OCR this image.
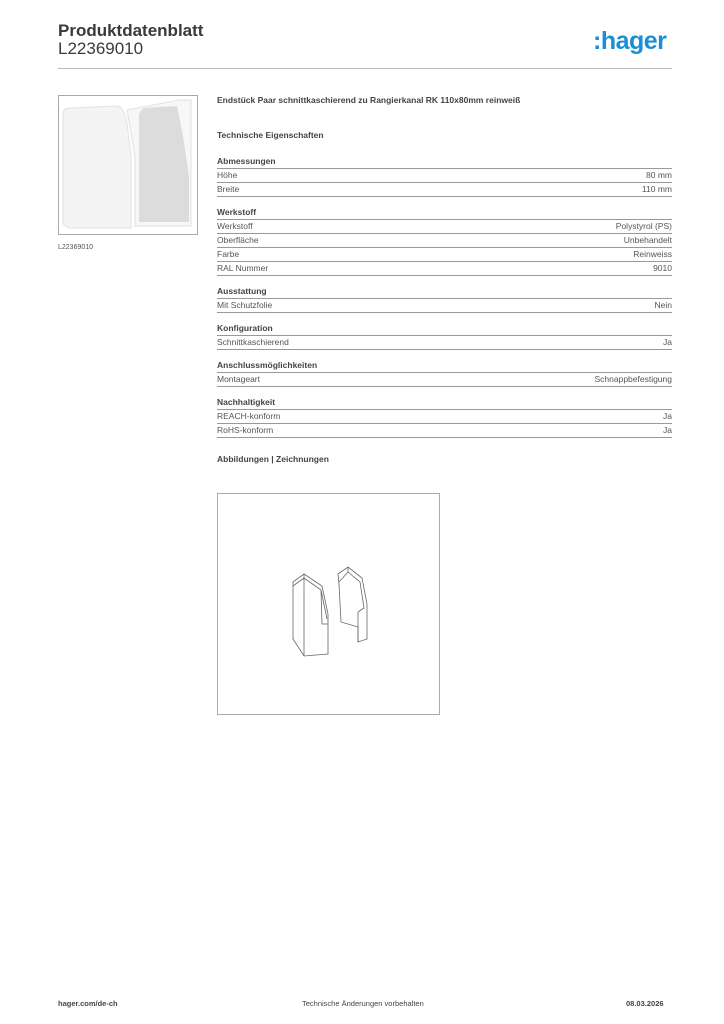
Produktdatenblatt
L22369010	:hager
L22369010
Endstück Paar schnittkaschierend zu Rangierkanal RK 110x80mm reinweiß
Technische Eigenschaften
Abmessungen
Höhe	80 mm
Breite	110 mm
Werkstoff
Werkstoff	Polystyrol (PS)
Oberfläche	Unbehandelt
Farbe	Reinweiss
RAL Nummer	9010
Ausstattung
Mit Schutzfolie	Nein
Konfiguration
Schnittkaschierend	Ja
Anschlussmöglichkeiten
Montageart	Schnappbefestigung
Nachhaltigkeit
REACH-konform	Ja
RoHS-konform	Ja
Abbildungen | Zeichnungen
hager.com/de-ch	Technische Änderungen vorbehalten	08.03.2026
